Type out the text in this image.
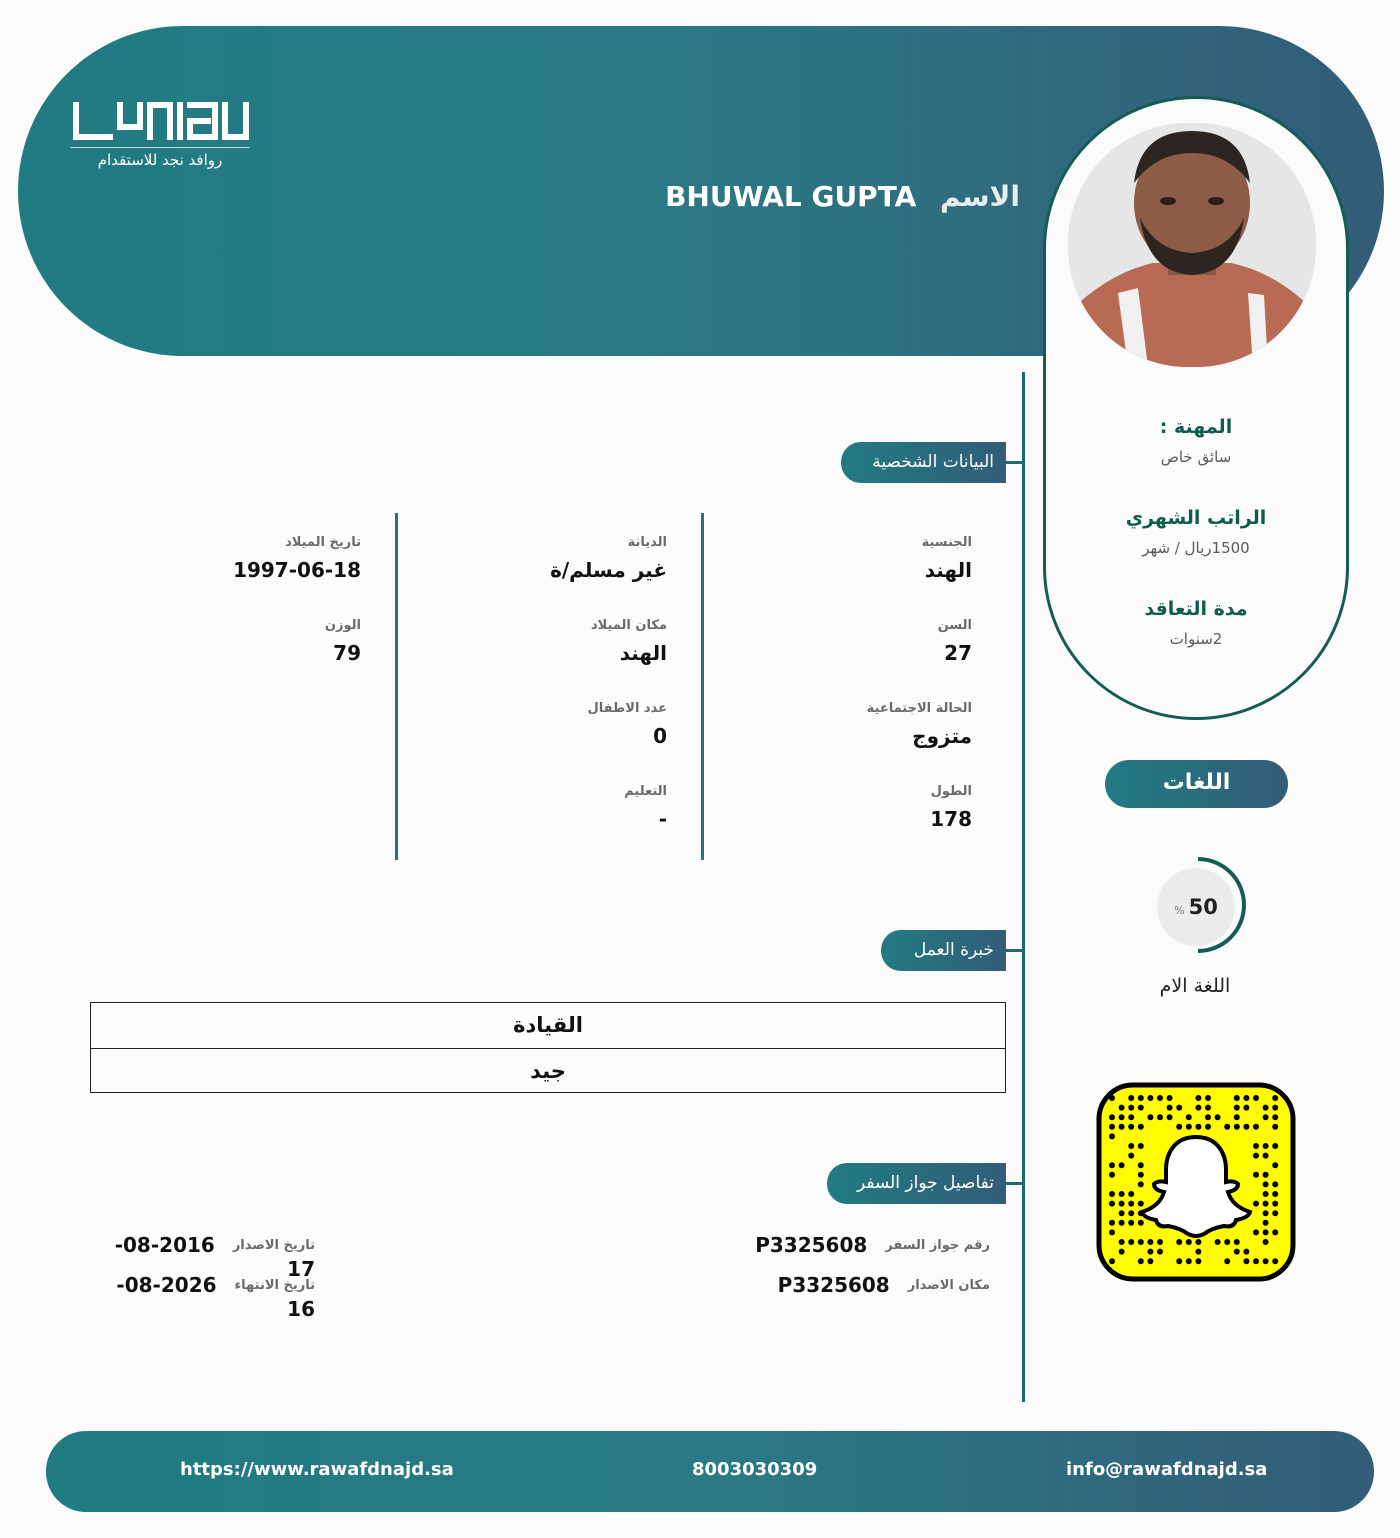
روافد نجد للاستقدام
BHUWAL GUPTA الاسم
المهنة :
سائق خاص
الراتب الشهري
1500ريال / شهر
مدة التعاقد
2سنوات
اللغات
% 50
اللغة الام
البيانات الشخصية
الجنسية
الهند
السن
27
الحالة الاجتماعية
متزوج
الطول
178
الديانة
غير مسلم/ة
مكان الميلاد
الهند
عدد الاطفال
0
التعليم
-
تاريخ الميلاد
1997-06-18
الوزن
79
خبرة العمل
القيادة
جيد
تفاصيل جواز السفر
رقم جواز السفرP3325608
مكان الاصدارP3325608
تاريخ الاصدار2016-08-17
تاريخ الانتهاء2026-08-16
https://www.rawafdnajd.sa	8003030309	info@rawafdnajd.sa
